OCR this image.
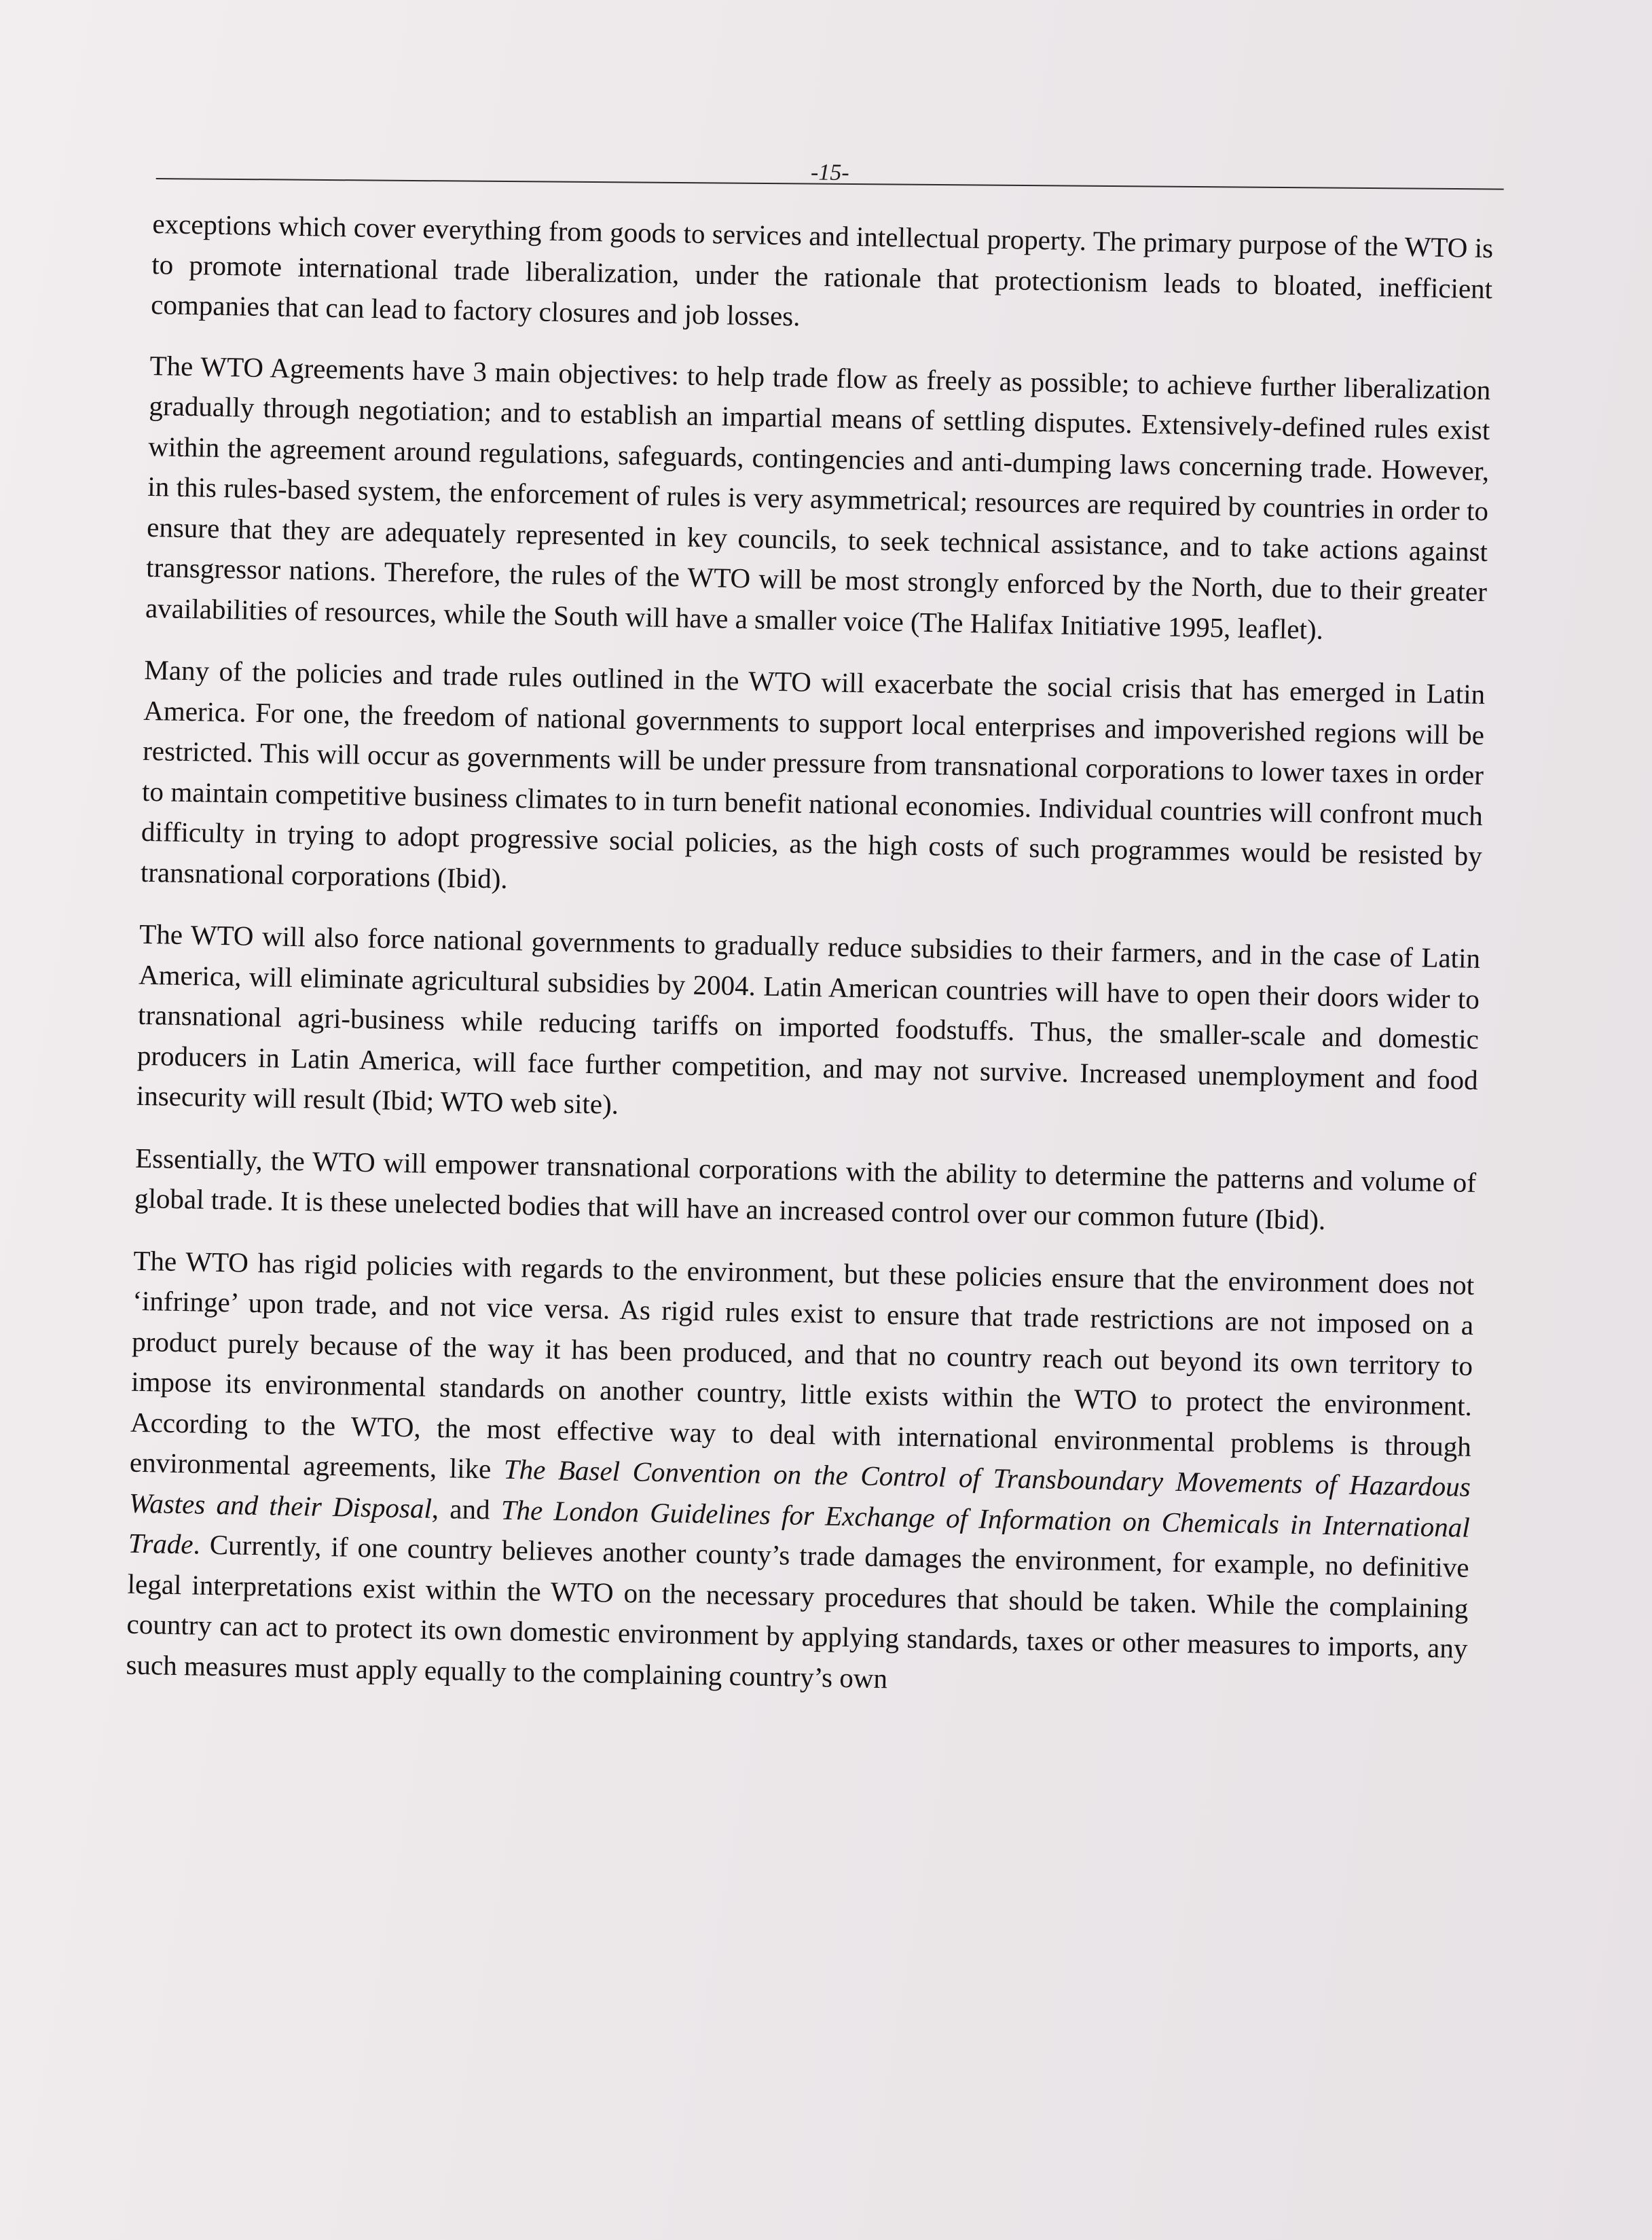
-15-

exceptions which cover everything from goods to services and intellectual property. The primary purpose of the WTO is to promote international trade liberalization, under the rationale that protectionism leads to bloated, inefficient companies that can lead to factory closures and job losses.

The WTO Agreements have 3 main objectives: to help trade flow as freely as possible; to achieve further liberalization gradually through negotiation; and to establish an impartial means of settling disputes. Extensively-defined rules exist within the agreement around regulations, safeguards, contingencies and anti-dumping laws concerning trade. However, in this rules-based system, the enforcement of rules is very asymmetrical; resources are required by countries in order to ensure that they are adequately represented in key councils, to seek technical assistance, and to take actions against transgressor nations. Therefore, the rules of the WTO will be most strongly enforced by the North, due to their greater availabilities of resources, while the South will have a smaller voice (The Halifax Initiative 1995, leaflet).

Many of the policies and trade rules outlined in the WTO will exacerbate the social crisis that has emerged in Latin America. For one, the freedom of national governments to support local enterprises and impoverished regions will be restricted. This will occur as governments will be under pressure from transnational corporations to lower taxes in order to maintain competitive business climates to in turn benefit national economies. Individual countries will confront much difficulty in trying to adopt progressive social policies, as the high costs of such programmes would be resisted by transnational corporations (Ibid).

The WTO will also force national governments to gradually reduce subsidies to their farmers, and in the case of Latin America, will eliminate agricultural subsidies by 2004. Latin American countries will have to open their doors wider to transnational agri-business while reducing tariffs on imported foodstuffs. Thus, the smaller-scale and domestic producers in Latin America, will face further competition, and may not survive. Increased unemployment and food insecurity will result (Ibid; WTO web site).

Essentially, the WTO will empower transnational corporations with the ability to determine the patterns and volume of global trade. It is these unelected bodies that will have an increased control over our common future (Ibid).

The WTO has rigid policies with regards to the environment, but these policies ensure that the environment does not ‘infringe’ upon trade, and not vice versa. As rigid rules exist to ensure that trade restrictions are not imposed on a product purely because of the way it has been produced, and that no country reach out beyond its own territory to impose its environmental standards on another country, little exists within the WTO to protect the environment. According to the WTO, the most effective way to deal with international environmental problems is through environmental agreements, like The Basel Convention on the Control of Transboundary Movements of Hazardous Wastes and their Disposal, and The London Guidelines for Exchange of Information on Chemicals in International Trade. Currently, if one country believes another county’s trade damages the environment, for example, no definitive legal interpretations exist within the WTO on the necessary procedures that should be taken. While the complaining country can act to protect its own domestic environment by applying standards, taxes or other measures to imports, any such measures must apply equally to the complaining country’s own
